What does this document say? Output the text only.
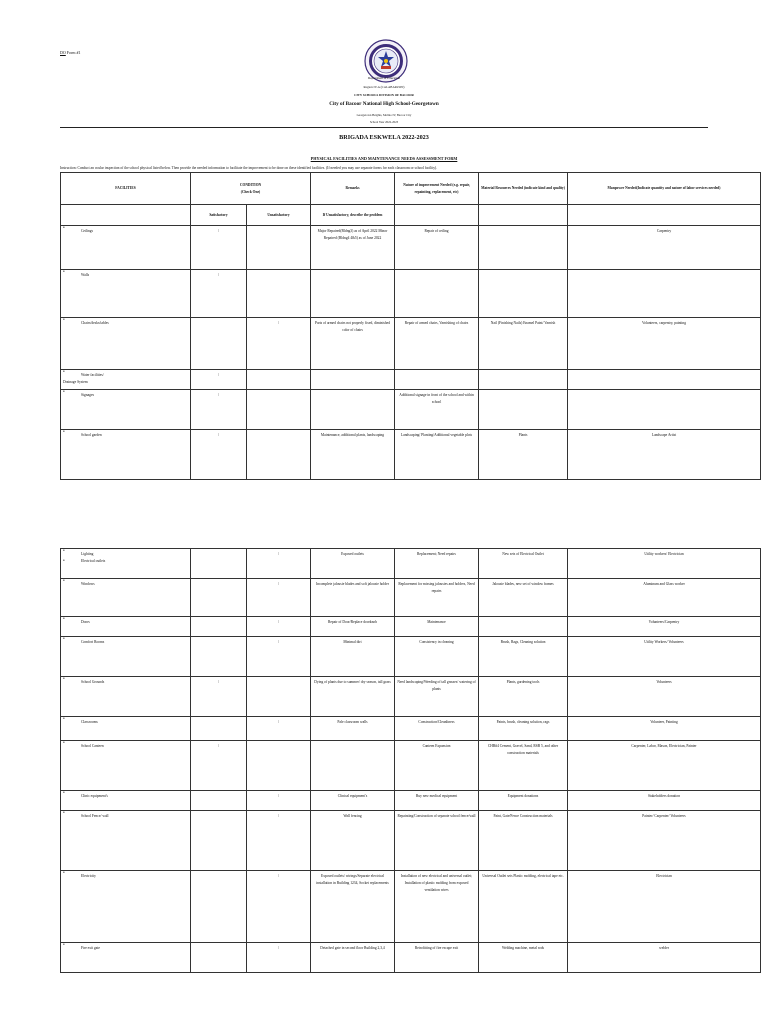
DO Form #1
Department of Education
Region IV-A (CALABARZON)
CITY SCHOOLS DIVISION OF BACOOR
City of Bacoor National High School-Georgetown
Georgetown Heights, Molino IV, Bacoor City
School Year 2022-2023
BRIGADA ESKWELA 2022-2023
PHYSICAL FACILITIES AND MAINTENANCE NEEDS ASSESSMENT FORM
Instruction: Conduct an ocular inspection of the school physical listed below. Then provide the needed information to facilitate the improvement to be done on these identified facilities. (If needed you may use separate forms for each classroom or school facility).
FACILITIES	CONDITION
(Check One)		Remarks	Nature of improvement Needed (e.g. repair, repainting, replacement, etc)	Material Resources Needed (indicate kind and quality)	Manpower Needed(Indicate quantity and nature of labor services needed)
	Satisfactory	Unsatisfactory	If Unsatisfactory, describe the problem			

• Ceilings	/		Major Repaired(Bldng3) as of April 2022 Minor Repaired (Bldng4 4&5) as of June 2022	Repair of ceiling		Carpentry

• Walls	/					

• Chairs/desks/tables		/	Parts of armed chairs not properly fixed, diminished color of chairs	Repair of armed chairs, Varnishing of chairs	Nail (Finishing Nails) Enamel Paint/ Varnish	Volunteers, carpentry, painting

• Water facilities/
Drainage System	/					

• Signages	/			Additional signage in front of the school and within school		

• School garden	/		Maintenance, additional plants, landscaping	Landscaping/ Planting/Additional vegetable plots	Plants	Landscape Artist
•
•
Lighting
Electrical outlets		/	Exposed outlets	Replacement; Need repairs	New sets of Electrical Outlet	Utility workers/ Electrician

• Windows		/	Incomplete jalousie blades and soft jalousie holder	Replacement for missing jalousies and holders, Need repairs	Jalousie blades, new set of window frames	Aluminum and Glass worker

• Doors		/	Repair of Door/Replace doorknob	Maintenance		Volunteers/Carpentry

• Comfort Rooms		/	Minimal dirt	Consistency in cleaning	Brush, Rags, Cleaning solution	Utility Workers/ Volunteers

• School Grounds	/		Dying of plants due to summer/ dry season, tall grass	Need landscaping/Weeding of tall grasses/ watering of plants	Plants, gardening tools	Volunteers

• Classrooms		/	Pale classroom walls	Construction/Cleanliness	Paints, brush, cleaning solution, rags	Volunteer, Painting

• School Canteen	/			Canteen Expansion	CHB#4 Cement, Gravel, Sand, RSB 5, and other construction materials	Carpenter, Labor, Mason, Electrician, Painter

• Clinic equipment's		/	Clinical equipment's	Buy new medical equipment	Equipment donations	Stakeholders donation

• School Fence/ wall		/	Wall fencing	Repainting/Construction of separate school fence/wall	Paint, Gate/Fence Construction materials	Painter/ Carpenter/ Volunteers

• Electricity		/	Exposed outlets/ wirings/Separate electrical installation in Building 1234, Socket replacements	Installation of new electrical and universal outlet; Installation of plastic molding from exposed ventilation wires	Universal Outlet sets Plastic molding, electrical tape etc.	Electrician

• Fire exit gate		/	Detached gate in second floor Building 2,3,4	Retrofitting of fire escape exit	Welding machine, metal rods	welder
